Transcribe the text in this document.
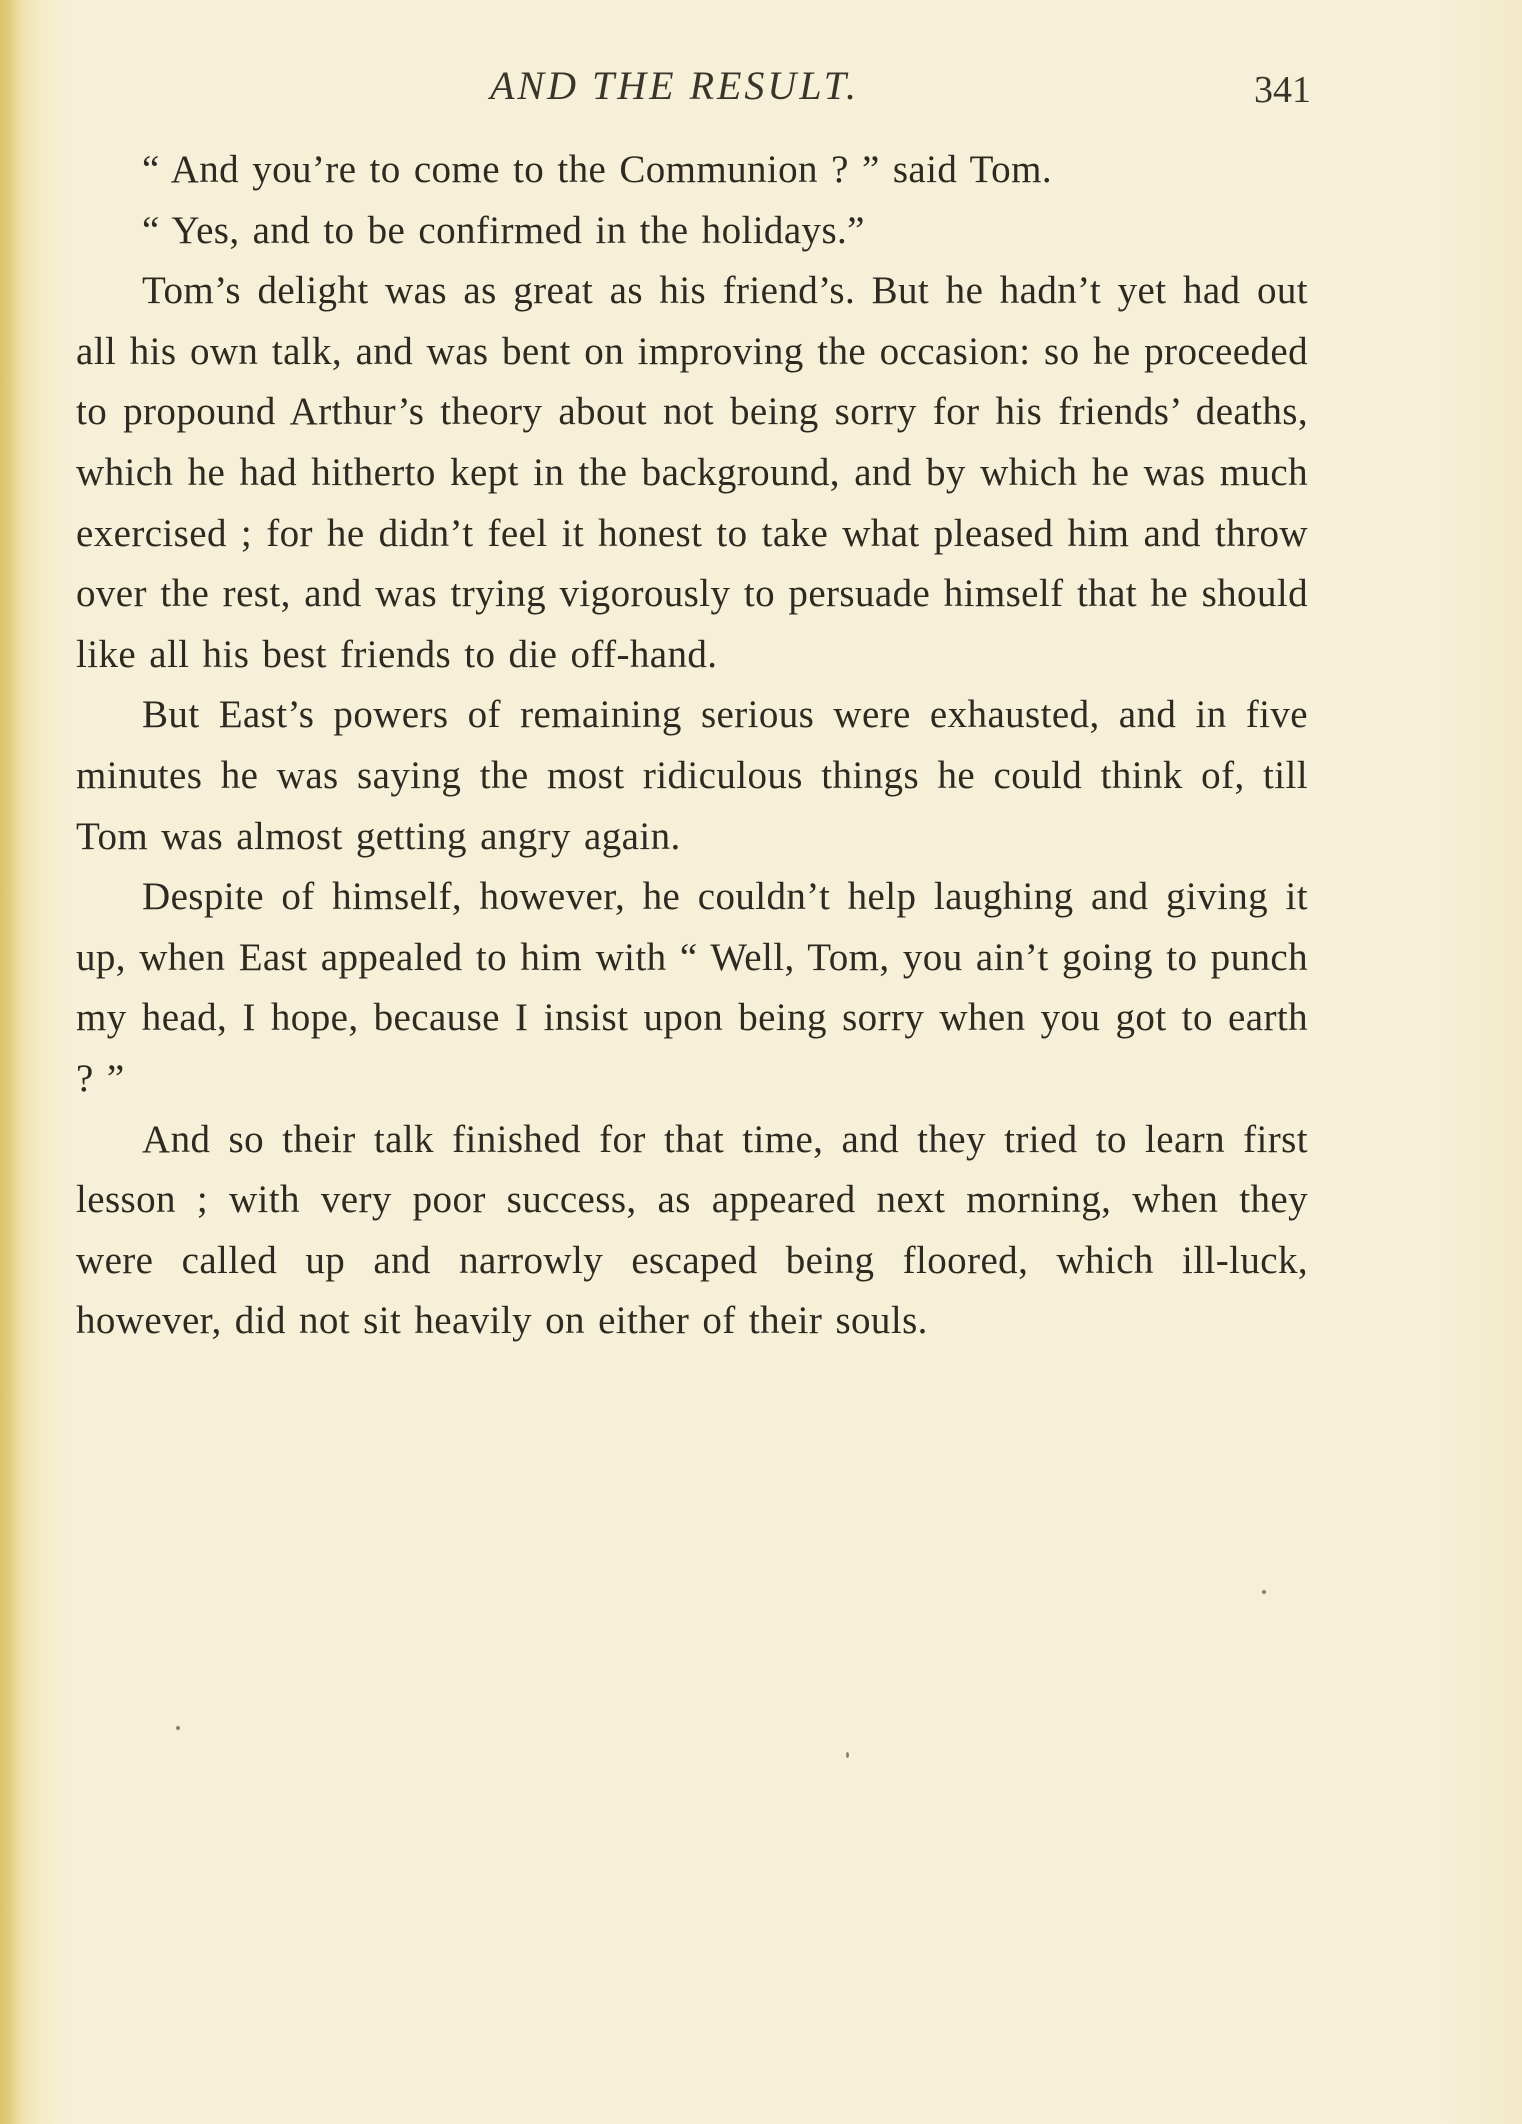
AND THE RESULT.	341

“ And you’re to come to the Communion ? ” said Tom.

“ Yes, and to be confirmed in the holidays.”

Tom’s delight was as great as his friend’s. But he hadn’t yet had out all his own talk, and was bent on improving the occasion: so he proceeded to propound Arthur’s theory about not being sorry for his friends’ deaths, which he had hitherto kept in the background, and by which he was much exercised ; for he didn’t feel it honest to take what pleased him and throw over the rest, and was trying vigorously to persuade himself that he should like all his best friends to die off-hand.

But East’s powers of remaining serious were exhausted, and in five minutes he was saying the most ridiculous things he could think of, till Tom was almost getting angry again.

Despite of himself, however, he couldn’t help laughing and giving it up, when East appealed to him with “ Well, Tom, you ain’t going to punch my head, I hope, because I insist upon being sorry when you got to earth ? ”

And so their talk finished for that time, and they tried to learn first lesson ; with very poor success, as appeared next morning, when they were called up and narrowly escaped being floored, which ill-luck, however, did not sit heavily on either of their souls.
